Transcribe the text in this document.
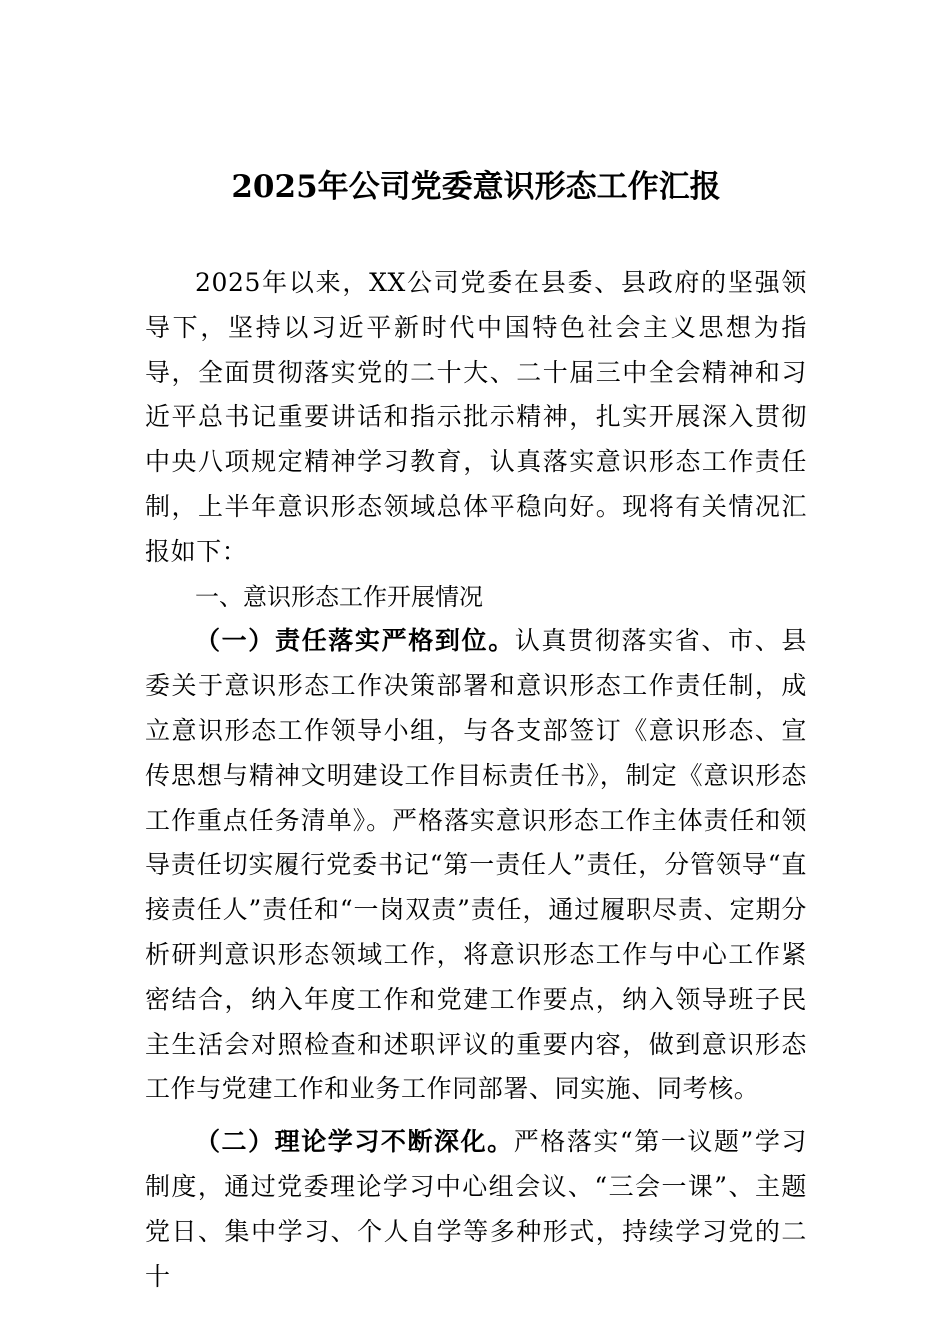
2025年公司党委意识形态工作汇报

2025年以来，XX公司党委在县委、县政府的坚强领导下，坚持以习近平新时代中国特色社会主义思想为指导，全面贯彻落实党的二十大、二十届三中全会精神和习近平总书记重要讲话和指示批示精神，扎实开展深入贯彻中央八项规定精神学习教育，认真落实意识形态工作责任制，上半年意识形态领域总体平稳向好。现将有关情况汇报如下：

一、意识形态工作开展情况

（一）责任落实严格到位。认真贯彻落实省、市、县委关于意识形态工作决策部署和意识形态工作责任制，成立意识形态工作领导小组，与各支部签订《意识形态、宣传思想与精神文明建设工作目标责任书》，制定《意识形态工作重点任务清单》。严格落实意识形态工作主体责任和领导责任切实履行党委书记“第一责任人”责任，分管领导“直接责任人”责任和“一岗双责”责任，通过履职尽责、定期分析研判意识形态领域工作，将意识形态工作与中心工作紧密结合，纳入年度工作和党建工作要点，纳入领导班子民主生活会对照检查和述职评议的重要内容，做到意识形态工作与党建工作和业务工作同部署、同实施、同考核。

（二）理论学习不断深化。严格落实“第一议题”学习制度，通过党委理论学习中心组会议、“三会一课”、主题党日、集中学习、个人自学等多种形式，持续学习党的二十
